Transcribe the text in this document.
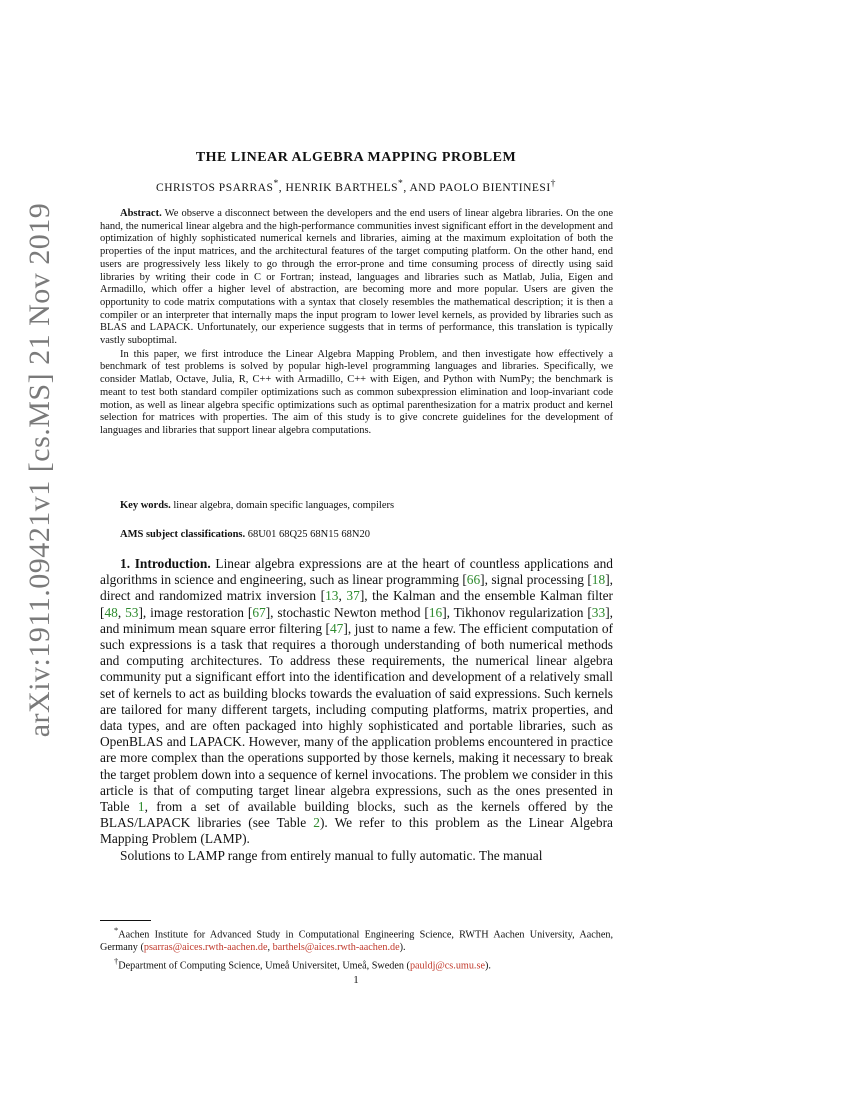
arXiv:1911.09421v1 [cs.MS] 21 Nov 2019
THE LINEAR ALGEBRA MAPPING PROBLEM
CHRISTOS PSARRAS*, HENRIK BARTHELS*, AND PAOLO BIENTINESI†

Abstract. We observe a disconnect between the developers and the end users of linear algebra libraries. On the one hand, the numerical linear algebra and the high-performance communities invest significant effort in the development and optimization of highly sophisticated numerical kernels and libraries, aiming at the maximum exploitation of both the properties of the input matrices, and the architectural features of the target computing platform. On the other hand, end users are progressively less likely to go through the error-prone and time consuming process of directly using said libraries by writing their code in C or Fortran; instead, languages and libraries such as Matlab, Julia, Eigen and Armadillo, which offer a higher level of abstraction, are becoming more and more popular. Users are given the opportunity to code matrix computations with a syntax that closely resembles the mathematical description; it is then a compiler or an interpreter that internally maps the input program to lower level kernels, as provided by libraries such as BLAS and LAPACK. Unfortunately, our experience suggests that in terms of performance, this translation is typically vastly suboptimal.

In this paper, we first introduce the Linear Algebra Mapping Problem, and then investigate how effectively a benchmark of test problems is solved by popular high-level programming languages and libraries. Specifically, we consider Matlab, Octave, Julia, R, C++ with Armadillo, C++ with Eigen, and Python with NumPy; the benchmark is meant to test both standard compiler optimizations such as common subexpression elimination and loop-invariant code motion, as well as linear algebra specific optimizations such as optimal parenthesization for a matrix product and kernel selection for matrices with properties. The aim of this study is to give concrete guidelines for the development of languages and libraries that support linear algebra computations.

Key words. linear algebra, domain specific languages, compilers
AMS subject classifications. 68U01 68Q25 68N15 68N20

1. Introduction. Linear algebra expressions are at the heart of countless applications and algorithms in science and engineering, such as linear programming [66], signal processing [18], direct and randomized matrix inversion [13, 37], the Kalman and the ensemble Kalman filter [48, 53], image restoration [67], stochastic Newton method [16], Tikhonov regularization [33], and minimum mean square error filtering [47], just to name a few. The efficient computation of such expressions is a task that requires a thorough understanding of both numerical methods and computing architectures. To address these requirements, the numerical linear algebra community put a significant effort into the identification and development of a relatively small set of kernels to act as building blocks towards the evaluation of said expressions. Such kernels are tailored for many different targets, including computing platforms, matrix properties, and data types, and are often packaged into highly sophisticated and portable libraries, such as OpenBLAS and LAPACK. However, many of the application problems encountered in practice are more complex than the operations supported by those kernels, making it necessary to break the target problem down into a sequence of kernel invocations. The problem we consider in this article is that of computing target linear algebra expressions, such as the ones presented in Table 1, from a set of available building blocks, such as the kernels offered by the BLAS/LAPACK libraries (see Table 2). We refer to this problem as the Linear Algebra Mapping Problem (LAMP).

Solutions to LAMP range from entirely manual to fully automatic. The manual

*Aachen Institute for Advanced Study in Computational Engineering Science, RWTH Aachen University, Aachen, Germany (psarras@aices.rwth-aachen.de, barthels@aices.rwth-aachen.de).

†Department of Computing Science, Umeå Universitet, Umeå, Sweden (pauldj@cs.umu.se).

1
